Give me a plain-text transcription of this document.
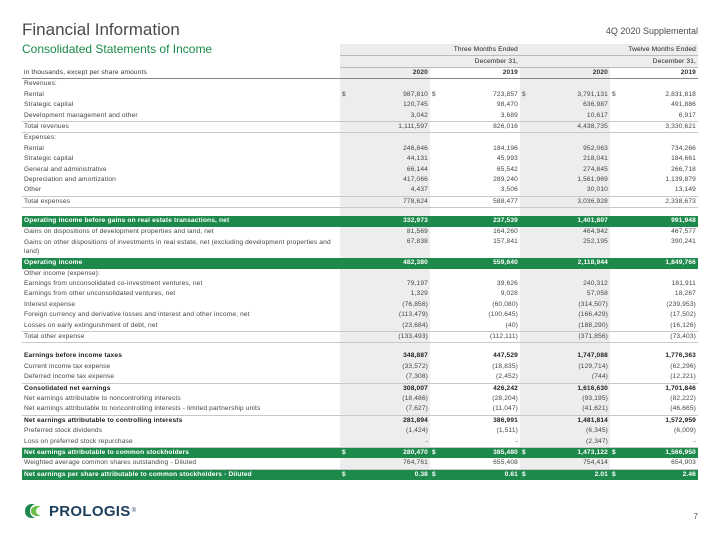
Financial Information
Consolidated Statements of Income
4Q 2020 Supplemental
				Three Months Ended				Twelve Months Ended
				December 31,				December 31,
in thousands, except per share amounts		2020		2019		2020		2019
Revenues:								
Rental	$	987,810	$	723,857	$	3,791,131	$	2,831,818
Strategic capital		120,745		98,470		636,987		491,886
Development management and other		3,042		3,689		10,617		6,917
Total revenues		1,111,597		826,016		4,438,735		3,330,621
Expenses:								
Rental		246,846		184,196		952,063		734,266
Strategic capital		44,131		45,993		218,041		184,661
General and administrative		66,144		65,542		274,845		266,718
Depreciation and amortization		417,066		289,240		1,561,969		1,139,879
Other		4,437		3,506		30,010		13,149
Total expenses		778,624		588,477		3,036,928		2,338,673

Operating income before gains on real estate transactions, net		332,973		237,539		1,401,807		991,948
Gains on dispositions of development properties and land, net		81,569		164,260		464,942		467,577
Gains on other dispositions of investments in real estate, net (excluding development properties and land)		67,838		157,841		252,195		390,241
Operating income		482,380		559,640		2,118,944		1,849,766
Other income (expense):								
Earnings from unconsolidated co-investment ventures, net		79,197		39,626		240,312		181,911
Earnings from other unconsolidated ventures, net		1,329		9,028		57,058		18,267
Interest expense		(76,856)		(60,080)		(314,507)		(239,953)
Foreign currency and derivative losses and interest and other income, net		(113,479)		(100,645)		(166,429)		(17,502)
Losses on early extinguishment of debt, net		(23,684)		(40)		(188,290)		(16,126)
Total other expense		(133,493)		(112,111)		(371,856)		(73,403)

Earnings before income taxes		348,887		447,529		1,747,088		1,776,363
Current income tax expense		(33,572)		(18,835)		(129,714)		(62,296)
Deferred income tax expense		(7,308)		(2,452)		(744)		(12,221)
Consolidated net earnings		308,007		426,242		1,616,630		1,701,846
Net earnings attributable to noncontrolling interests		(18,486)		(28,204)		(93,195)		(82,222)
Net earnings attributable to noncontrolling interests - limited partnership units		(7,627)		(11,047)		(41,621)		(46,665)
Net earnings attributable to controlling interests		281,894		386,991		1,481,814		1,572,959
Preferred stock dividends		(1,424)		(1,511)		(6,345)		(6,009)
Loss on preferred stock repurchase		-		-		(2,347)		-
Net earnings attributable to common stockholders	$	280,470	$	385,480	$	1,473,122	$	1,566,950
Weighted average common shares outstanding - Diluted		764,761		655,408		754,414		654,903
Net earnings per share attributable to common stockholders - Diluted	$	0.38	$	0.61	$	2.01	$	2.46
PROLOGIS ®
7
